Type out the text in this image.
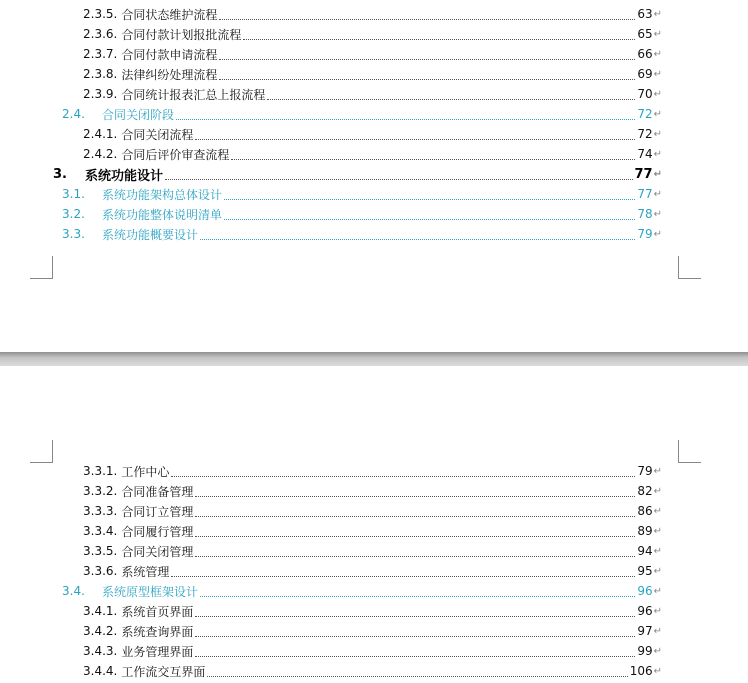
2.3.5. 合同状态维护流程	63 ↵
2.3.6. 合同付款计划报批流程	65 ↵
2.3.7. 合同付款申请流程	66 ↵
2.3.8. 法律纠纷处理流程	69 ↵
2.3.9. 合同统计报表汇总上报流程	70 ↵
2.4.	合同关闭阶段	72 ↵
2.4.1. 合同关闭流程	72 ↵
2.4.2. 合同后评价审查流程	74 ↵
3.	系统功能设计	77 ↵
3.1.	系统功能架构总体设计	77 ↵
3.2.	系统功能整体说明清单	78 ↵
3.3.	系统功能概要设计	79 ↵
3.3.1. 工作中心	79 ↵
3.3.2. 合同准备管理	82 ↵
3.3.3. 合同订立管理	86 ↵
3.3.4. 合同履行管理	89 ↵
3.3.5. 合同关闭管理	94 ↵
3.3.6. 系统管理	95 ↵
3.4.	系统原型框架设计	96 ↵
3.4.1. 系统首页界面	96 ↵
3.4.2. 系统查询界面	97 ↵
3.4.3. 业务管理界面	99 ↵
3.4.4. 工作流交互界面	106 ↵
